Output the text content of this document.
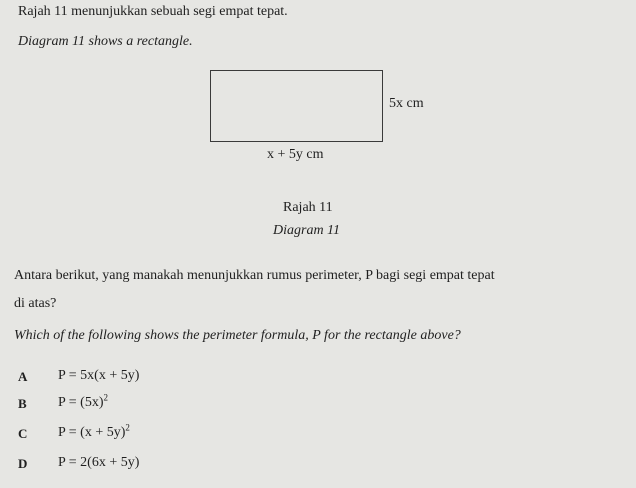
Rajah 11 menunjukkan sebuah segi empat tepat.
Diagram 11 shows a rectangle.
5x cm
x + 5y cm
Rajah 11
Diagram 11
Antara berikut, yang manakah menunjukkan rumus perimeter, P bagi segi empat tepat
di atas?
Which of the following shows the perimeter formula, P for the rectangle above?
A P = 5x(x + 5y)
B $P = (5x)^2$
C $P = (x + 5y)^2$
D P = 2(6x + 5y)
